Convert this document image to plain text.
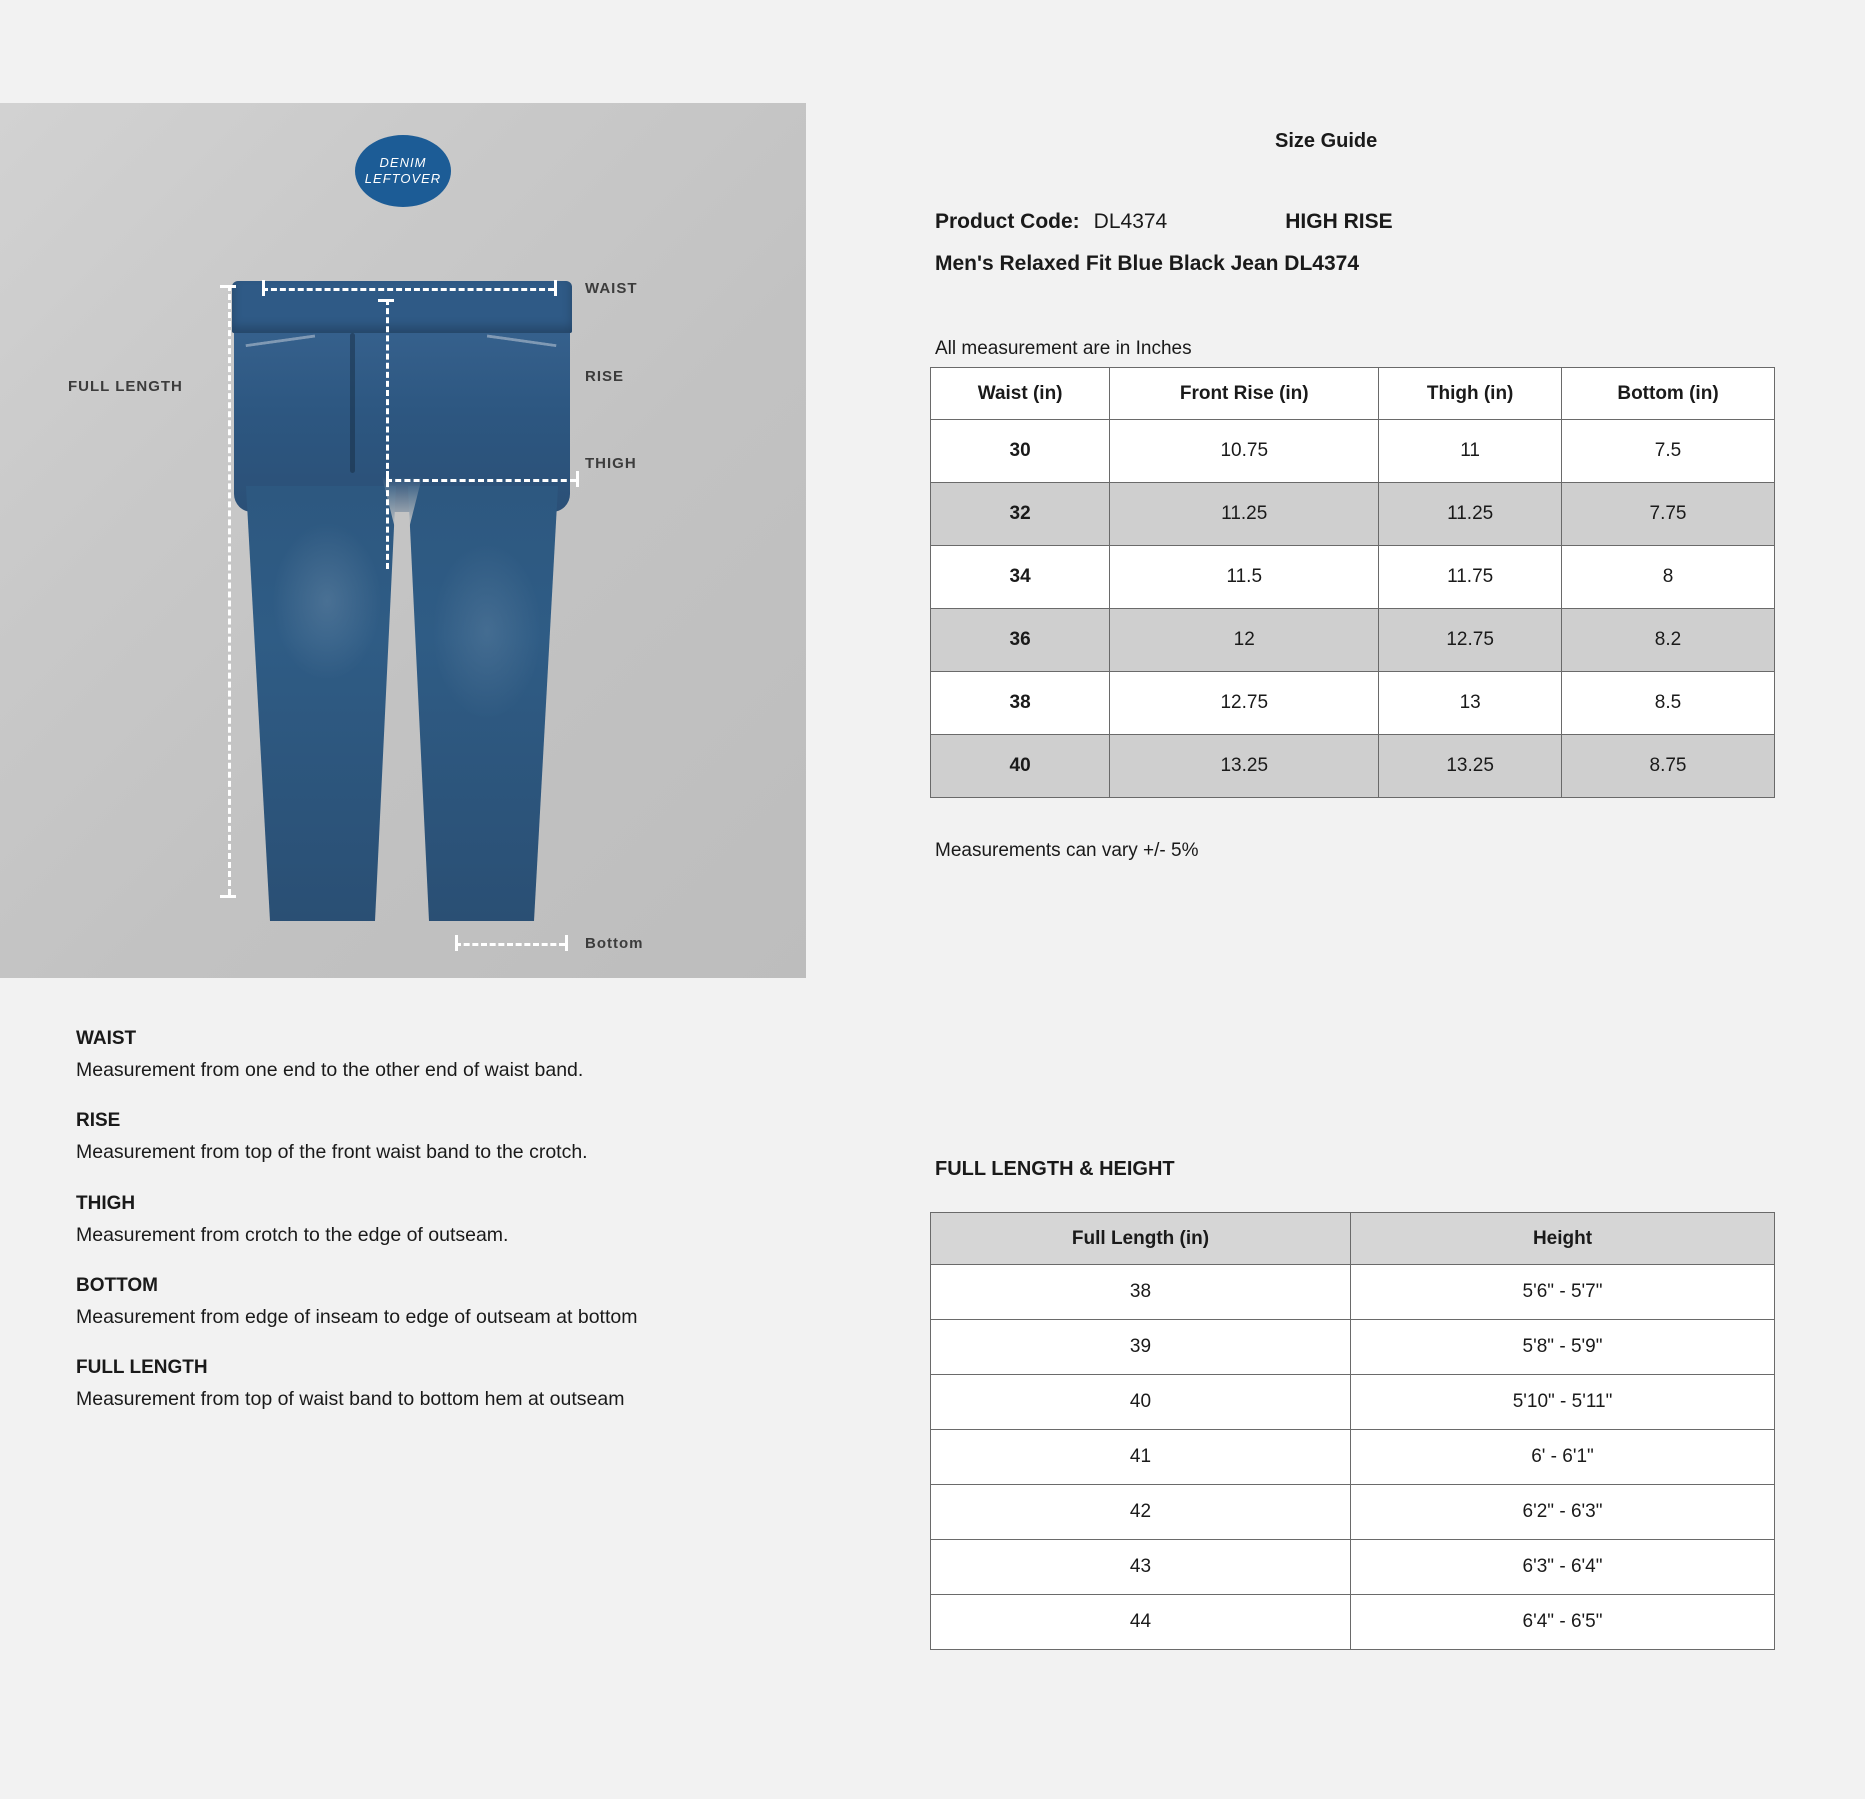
DENIM
LEFTOVER
WAIST
RISE
THIGH
FULL LENGTH
Bottom
Size Guide
Product Code: DL4374	HIGH RISE
Men's Relaxed Fit Blue Black Jean DL4374
All measurement are in Inches
Waist (in)	Front Rise (in)	Thigh (in)	Bottom (in)
30	10.75	11	7.5
32	11.25	11.25	7.75
34	11.5	11.75	8
36	12	12.75	8.2
38	12.75	13	8.5
40	13.25	13.25	8.75
Measurements can vary +/- 5%
FULL LENGTH & HEIGHT
Full Length (in)	Height
38	5'6" - 5'7"
39	5'8" - 5'9"
40	5'10" - 5'11"
41	6' - 6'1"
42	6'2" - 6'3"
43	6'3" - 6'4"
44	6'4" - 6'5"

WAIST

Measurement from one end to the other end of waist band.

RISE

Measurement from top of the front waist band to the crotch.

THIGH

Measurement from crotch to the edge of outseam.

BOTTOM

Measurement from edge of inseam to edge of outseam at bottom

FULL LENGTH

Measurement from top of waist band to bottom hem at outseam
